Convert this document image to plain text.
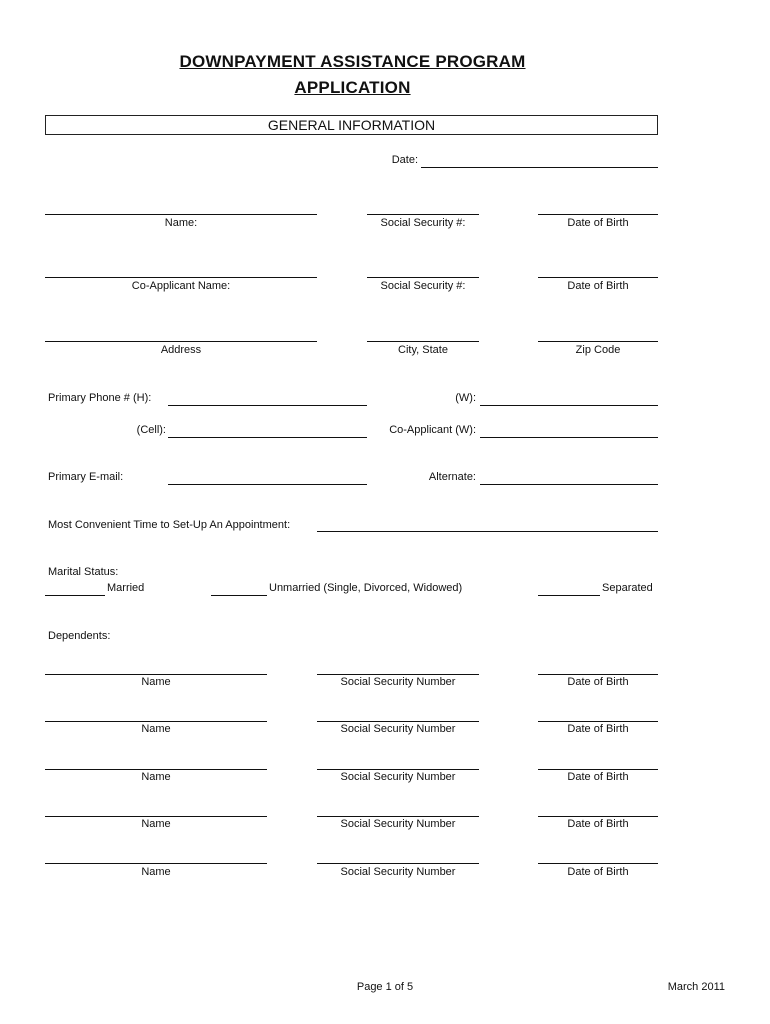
DOWNPAYMENT ASSISTANCE PROGRAM
APPLICATION
GENERAL INFORMATION
Date:
Name:	Social Security #:	Date of Birth
Co-Applicant Name:	Social Security #:	Date of Birth
Address	City, State	Zip Code
Primary Phone # (H):	(W):
(Cell):	Co-Applicant (W):
Primary E-mail:	Alternate:
Most Convenient Time to Set-Up An Appointment:
Marital Status:
Married	Unmarried (Single, Divorced, Widowed)	Separated
Dependents:
Name	Social Security Number	Date of Birth
Name	Social Security Number	Date of Birth
Name	Social Security Number	Date of Birth
Name	Social Security Number	Date of Birth
Name	Social Security Number	Date of Birth
Page 1 of 5	March 2011
